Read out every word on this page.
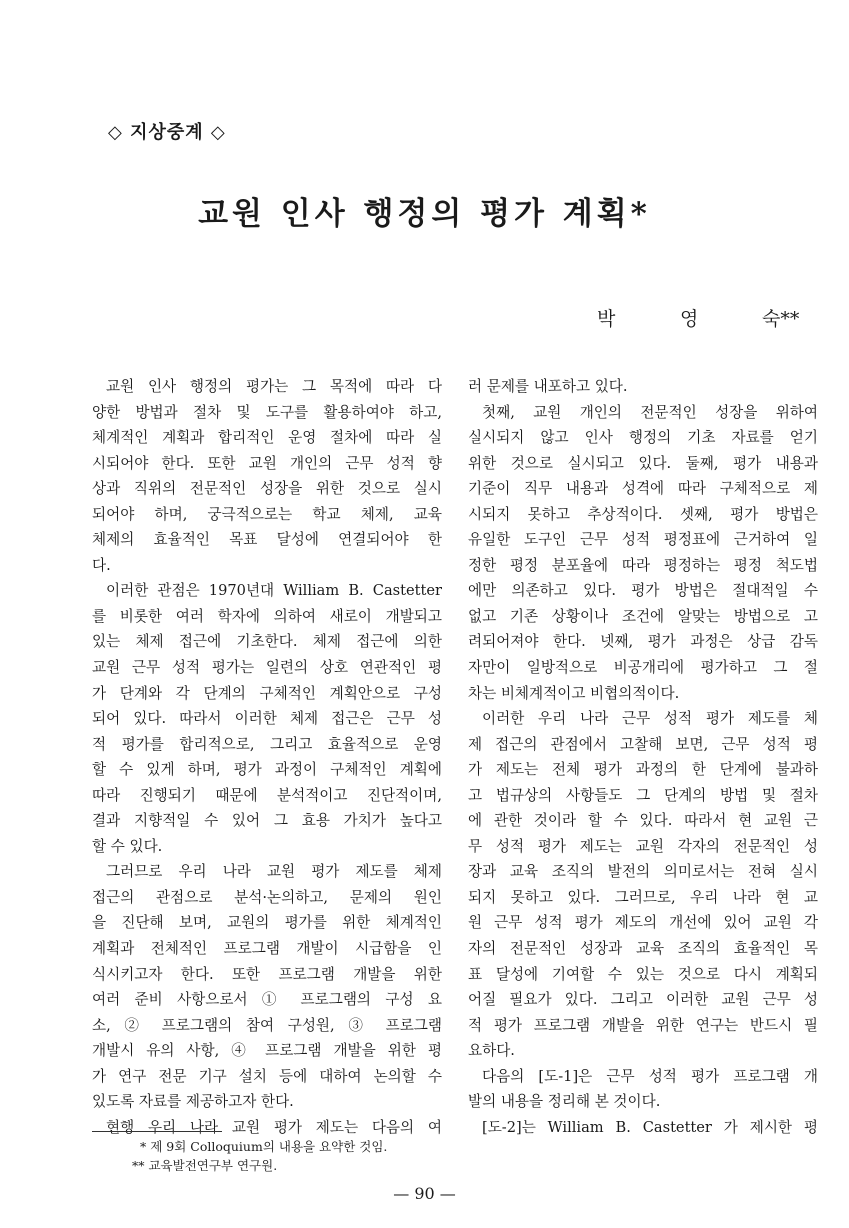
◇ 지상중계 ◇
교원 인사 행정의 평가 계획*
박	영	숙**
교원 인사 행정의 평가는 그 목적에 따라 다
양한 방법과 절차 및 도구를 활용하여야 하고,
체계적인 계획과 합리적인 운영 절차에 따라 실
시되어야 한다. 또한 교원 개인의 근무 성적 향
상과 직위의 전문적인 성장을 위한 것으로 실시
되어야 하며, 궁극적으로는 학교 체제, 교육
체제의 효율적인 목표 달성에 연결되어야 한
다.
이러한 관점은 1970년대 William B. Castetter
를 비롯한 여러 학자에 의하여 새로이 개발되고
있는 체제 접근에 기초한다. 체제 접근에 의한
교원 근무 성적 평가는 일련의 상호 연관적인 평
가 단계와 각 단계의 구체적인 계획안으로 구성
되어 있다. 따라서 이러한 체제 접근은 근무 성
적 평가를 합리적으로, 그리고 효율적으로 운영
할 수 있게 하며, 평가 과정이 구체적인 계획에
따라 진행되기 때문에 분석적이고 진단적이며,
결과 지향적일 수 있어 그 효용 가치가 높다고
할 수 있다.
그러므로 우리 나라 교원 평가 제도를 체제
접근의 관점으로 분석·논의하고, 문제의 원인
을 진단해 보며, 교원의 평가를 위한 체계적인
계획과 전체적인 프로그램 개발이 시급함을 인
식시키고자 한다. 또한 프로그램 개발을 위한
여러 준비 사항으로서 ① 프로그램의 구성 요
소, ② 프로그램의 참여 구성원, ③ 프로그램
개발시 유의 사항, ④ 프로그램 개발을 위한 평
가 연구 전문 기구 설치 등에 대하여 논의할 수
있도록 자료를 제공하고자 한다.
현행 우리 나라 교원 평가 제도는 다음의 여
러 문제를 내포하고 있다.
첫째, 교원 개인의 전문적인 성장을 위하여
실시되지 않고 인사 행정의 기초 자료를 얻기
위한 것으로 실시되고 있다. 둘째, 평가 내용과
기준이 직무 내용과 성격에 따라 구체적으로 제
시되지 못하고 추상적이다. 셋째, 평가 방법은
유일한 도구인 근무 성적 평정표에 근거하여 일
정한 평정 분포율에 따라 평정하는 평정 척도법
에만 의존하고 있다. 평가 방법은 절대적일 수
없고 기존 상황이나 조건에 알맞는 방법으로 고
려되어져야 한다. 넷째, 평가 과정은 상급 감독
자만이 일방적으로 비공개리에 평가하고 그 절
차는 비체계적이고 비협의적이다.
이러한 우리 나라 근무 성적 평가 제도를 체
제 접근의 관점에서 고찰해 보면, 근무 성적 평
가 제도는 전체 평가 과정의 한 단계에 불과하
고 법규상의 사항들도 그 단계의 방법 및 절차
에 관한 것이라 할 수 있다. 따라서 현 교원 근
무 성적 평가 제도는 교원 각자의 전문적인 성
장과 교육 조직의 발전의 의미로서는 전혀 실시
되지 못하고 있다. 그러므로, 우리 나라 현 교
원 근무 성적 평가 제도의 개선에 있어 교원 각
자의 전문적인 성장과 교육 조직의 효율적인 목
표 달성에 기여할 수 있는 것으로 다시 계획되
어질 필요가 있다. 그리고 이러한 교원 근무 성
적 평가 프로그램 개발을 위한 연구는 반드시 필
요하다.
다음의 [도-1]은 근무 성적 평가 프로그램 개
발의 내용을 정리해 본 것이다.
[도-2]는 William B. Castetter 가 제시한 평
* 제 9회 Colloquium의 내용을 요약한 것임.
** 교육발전연구부 연구원.
— 90 —
